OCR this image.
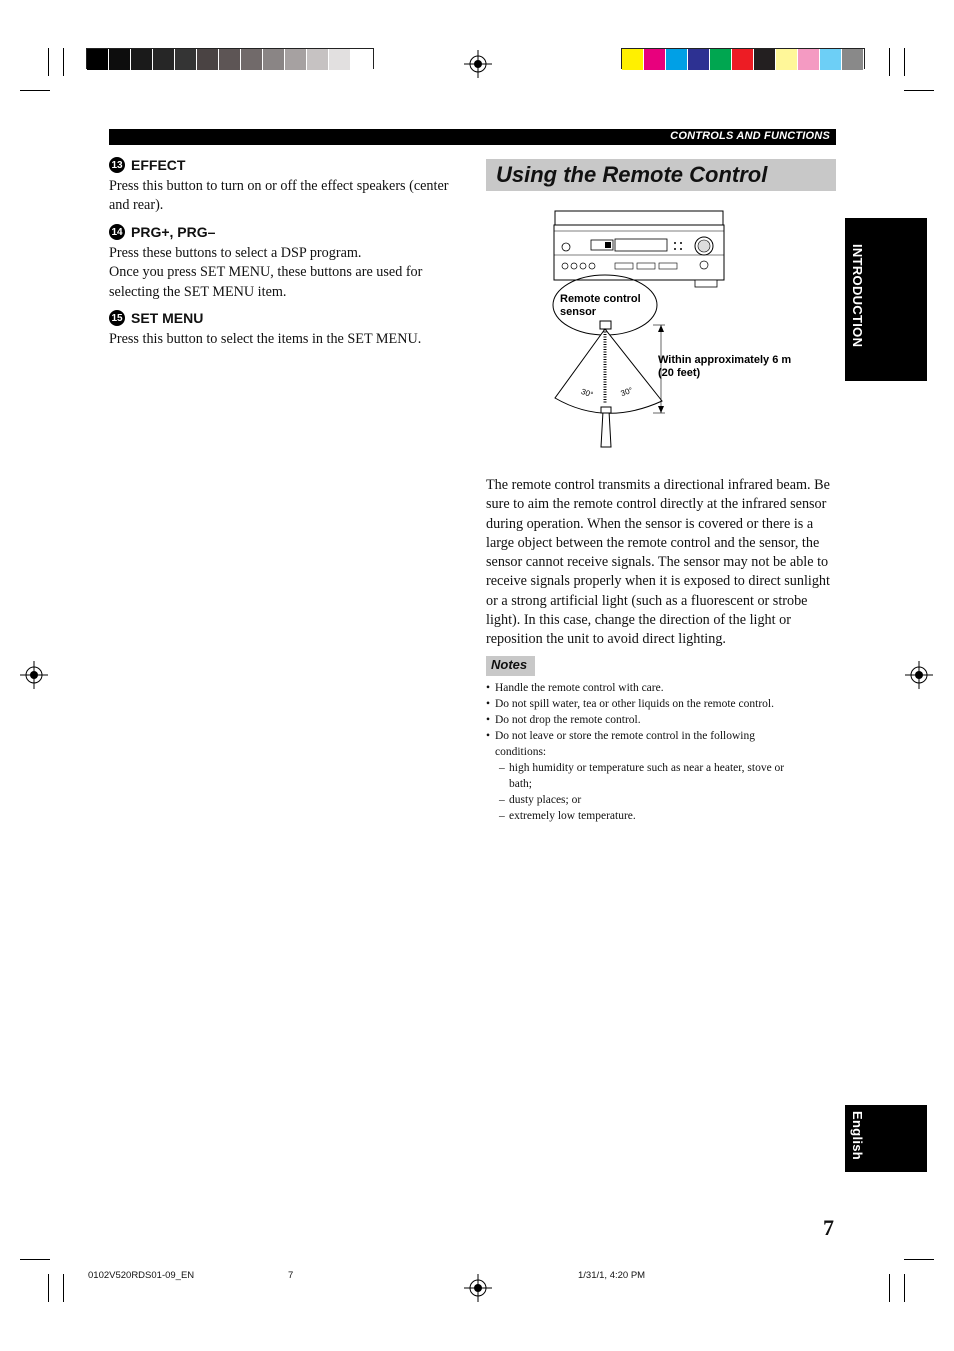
CONTROLS AND FUNCTIONS
13 EFFECT
Press this button to turn on or off the effect speakers (center
and rear).
14 PRG+, PRG–
Press these buttons to select a DSP program.
Once you press SET MENU, these buttons are used for
selecting the SET MENU item.
15 SET MENU
Press this button to select the items in the SET MENU.
Using the Remote Control
Remote control
sensor
Within approximately 6 m
(20 feet)
30°	30°
The remote control transmits a directional infrared beam. Be
sure to aim the remote control directly at the infrared sensor
during operation. When the sensor is covered or there is a
large object between the remote control and the sensor, the
sensor cannot receive signals. The sensor may not be able to
receive signals properly when it is exposed to direct sunlight
or a strong artificial light (such as a fluorescent or strobe
light). In this case, change the direction of the light or
reposition the unit to avoid direct lighting.
Notes
• Handle the remote control with care.
• Do not spill water, tea or other liquids on the remote control.
• Do not drop the remote control.
• Do not leave or store the remote control in the following
conditions:
– high humidity or temperature such as near a heater, stove or
bath;
– dusty places; or
– extremely low temperature.
INTRODUCTION
English
7
0102V520RDS01-09_EN	7	1/31/1, 4:20 PM
